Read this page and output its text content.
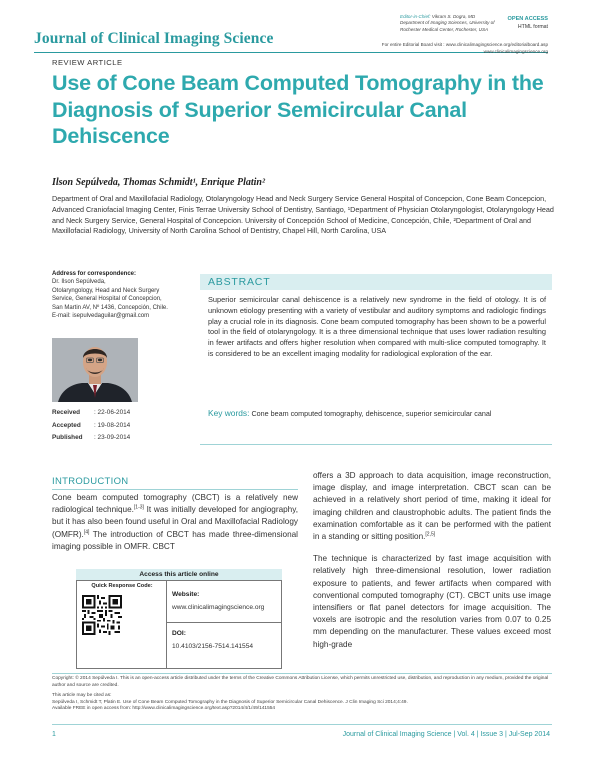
Journal of Clinical Imaging Science
Editor-in-Chief: Vikram S. Dogra, MD
Department of Imaging Sciences, University of
Rochester Medical Center, Rochester, USA
OPEN ACCESS
HTML format
For entire Editorial Board visit : www.clinicalimagingscience.org/editorialboard.asp
www.clinicalimagingscience.org
REVIEW ARTICLE
Use of Cone Beam Computed Tomography in the Diagnosis of Superior Semicircular Canal Dehiscence
Ilson Sepúlveda, Thomas Schmidt¹, Enrique Platin²
Department of Oral and Maxillofacial Radiology, Otolaryngology Head and Neck Surgery Service General Hospital of Concepcion, Cone Beam Concepcion, Advanced Craniofacial Imaging Center, Finis Terrae University School of Dentistry, Santiago, ¹Department of Physician Otolaryngologist, Otolaryngology Head and Neck Surgery Service, General Hospital of Concepcion. University of Concepción School of Medicine, Concepción, Chile, ²Department of Oral and Maxillofacial Radiology, University of North Carolina School of Dentistry, Chapel Hill, North Carolina, USA
Address for correspondence:
Dr. Ilson Sepúlveda,
Otolaryngology, Head and Neck Surgery
Service, General Hospital of Concepcion,
San Martin AV, Nº 1436, Concepción, Chile.
E-mail: isepulvedaguilar@gmail.com
Received : 22-06-2014
Accepted : 19-08-2014
Published : 23-09-2014
ABSTRACT
Superior semicircular canal dehiscence is a relatively new syndrome in the field of otology. It is of unknown etiology presenting with a variety of vestibular and auditory symptoms and radiologic findings play a crucial role in its diagnosis. Cone beam computed tomography has been shown to be a powerful tool in the field of otolaryngology. It is a three dimensional technique that uses lower radiation resulting in fewer artifacts and offers higher resolution when compared with multi-slice computed tomography. It is considered to be an excellent imaging modality for radiological exploration of the ear.
Key words: Cone beam computed tomography, dehiscence, superior semicircular canal
INTRODUCTION
Cone beam computed tomography (CBCT) is a relatively new radiological technique.[1-3] It was initially developed for angiography, but it has also been found useful in Oral and Maxillofacial Radiology (OMFR).[4] The introduction of CBCT has made three-dimensional imaging possible in OMFR. CBCT

offers a 3D approach to data acquisition, image reconstruction, image display, and image interpretation. CBCT scan can be achieved in a relatively short period of time, making it ideal for imaging children and claustrophobic adults. The patient finds the examination comfortable as it can be performed with the patient in a standing or sitting position.[2,5]

The technique is characterized by fast image acquisition with relatively high three-dimensional resolution, lower radiation exposure to patients, and fewer artifacts when compared with conventional computed tomography (CT). CBCT units use image intensifiers or flat panel detectors for image acquisition. The voxels are isotropic and the resolution varies from 0.07 to 0.25 mm depending on the manufacturer. These values exceed most high-grade

Access this article online
Quick Response Code:
Website:
www.clinicalimagingscience.org
DOI:
10.4103/2156-7514.141554
Copyright: © 2014 Sepúlveda I. This is an open-access article distributed under the terms of the Creative Commons Attribution License, which permits unrestricted use, distribution, and reproduction in any medium, provided the original author and source are credited.
This article may be cited as:
Sepúlveda I, Schmidt T, Platin E. Use of Cone Beam Computed Tomography in the Diagnosis of Superior Semicircular Canal Dehiscence. J Clin Imaging Sci 2014;4:49.
Available FREE in open access from: http://www.clinicalimagingscience.org/text.asp?2014/4/1/49/141554
1	Journal of Clinical Imaging Science | Vol. 4 | Issue 3 | Jul-Sep 2014
